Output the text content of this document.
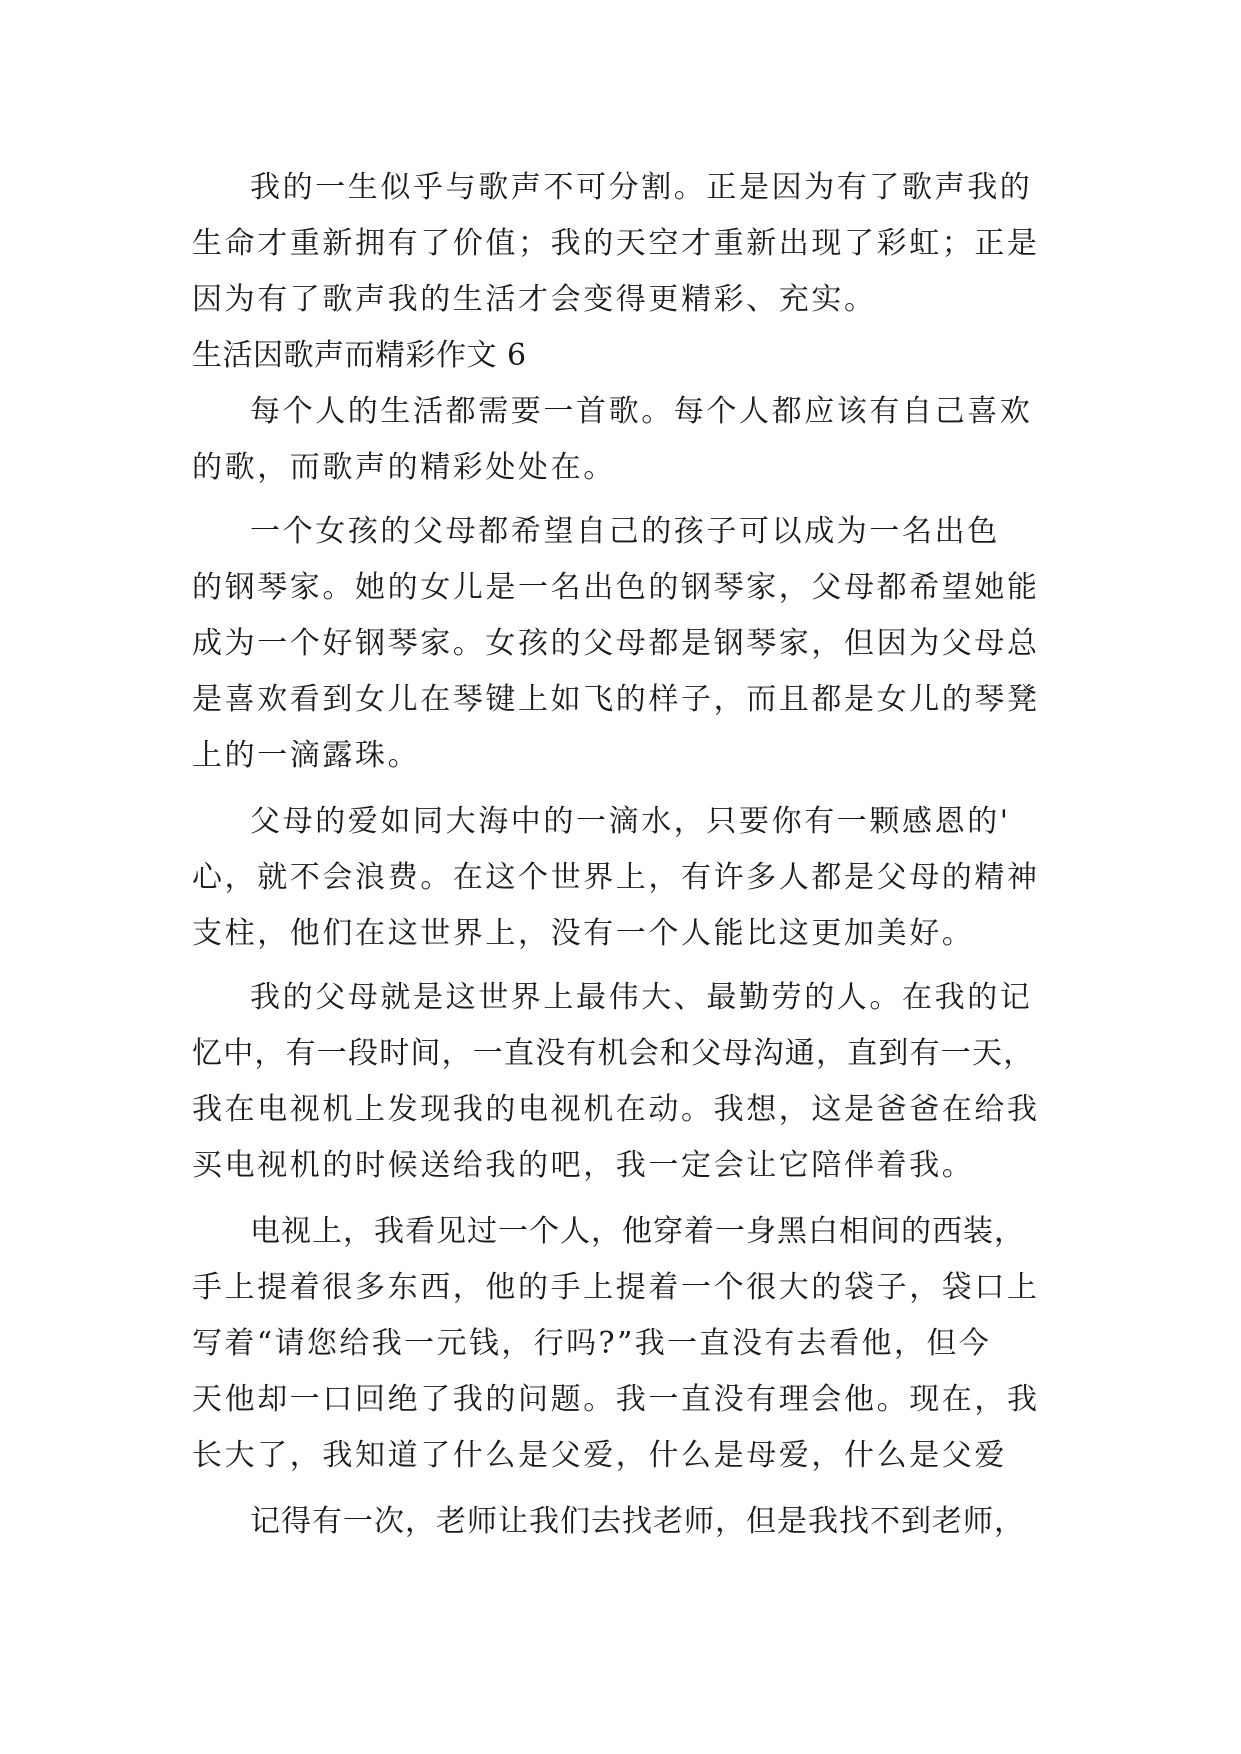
我的一生似乎与歌声不可分割。正是因为有了歌声我的
生命才重新拥有了价值；我的天空才重新出现了彩虹；正是
因为有了歌声我的生活才会变得更精彩、充实。
生活因歌声而精彩作文 6
每个人的生活都需要一首歌。每个人都应该有自己喜欢
的歌，而歌声的精彩处处在。
一个女孩的父母都希望自己的孩子可以成为一名出色
的钢琴家。她的女儿是一名出色的钢琴家，父母都希望她能
成为一个好钢琴家。女孩的父母都是钢琴家，但因为父母总
是喜欢看到女儿在琴键上如飞的样子，而且都是女儿的琴凳
上的一滴露珠。
父母的爱如同大海中的一滴水，只要你有一颗感恩的'
心，就不会浪费。在这个世界上，有许多人都是父母的精神
支柱，他们在这世界上，没有一个人能比这更加美好。
我的父母就是这世界上最伟大、最勤劳的人。在我的记
忆中，有一段时间，一直没有机会和父母沟通，直到有一天，
我在电视机上发现我的电视机在动。我想，这是爸爸在给我
买电视机的时候送给我的吧，我一定会让它陪伴着我。
电视上，我看见过一个人，他穿着一身黑白相间的西装，
手上提着很多东西，他的手上提着一个很大的袋子，袋口上
写着“请您给我一元钱，行吗?”我一直没有去看他，但今
天他却一口回绝了我的问题。我一直没有理会他。现在，我
长大了，我知道了什么是父爱，什么是母爱，什么是父爱
记得有一次，老师让我们去找老师，但是我找不到老师，
